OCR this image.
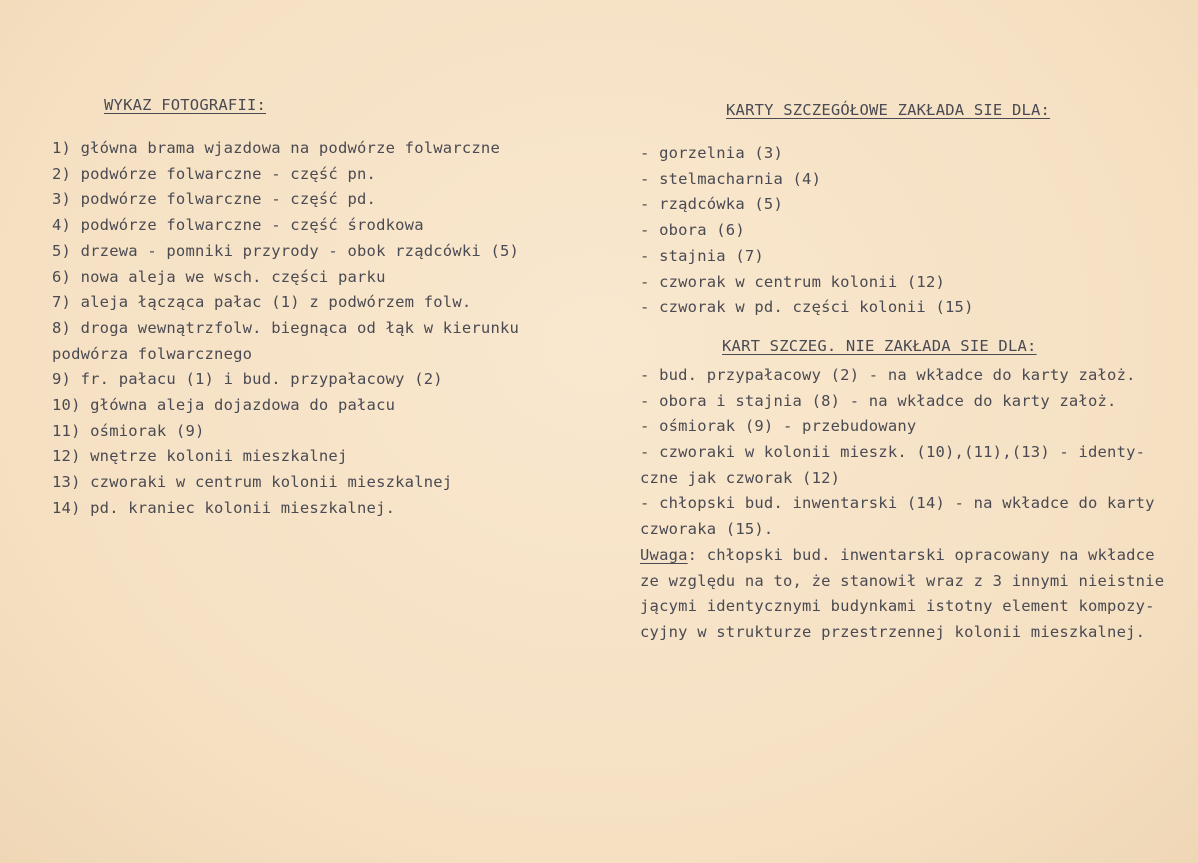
WYKAZ FOTOGRAFII:
1) główna brama wjazdowa na podwórze folwarczne
2) podwórze folwarczne - część pn.
3) podwórze folwarczne - część pd.
4) podwórze folwarczne - część środkowa
5) drzewa - pomniki przyrody - obok rządcówki (5)
6) nowa aleja we wsch. części parku
7) aleja łącząca pałac (1) z podwórzem folw.
8) droga wewnątrzfolw. biegnąca od łąk w kierunku
podwórza folwarcznego
9) fr. pałacu (1) i bud. przypałacowy (2)
10) główna aleja dojazdowa do pałacu
11) ośmiorak (9)
12) wnętrze kolonii mieszkalnej
13) czworaki w centrum kolonii mieszkalnej
14) pd. kraniec kolonii mieszkalnej.
KARTY SZCZEGÓŁOWE ZAKŁADA SIE DLA:
- gorzelnia (3)
- stelmacharnia (4)
- rządcówka (5)
- obora (6)
- stajnia (7)
- czworak w centrum kolonii (12)
- czworak w pd. części kolonii (15)
KART SZCZEG. NIE ZAKŁADA SIE DLA:
- bud. przypałacowy (2) - na wkładce do karty założ.
- obora i stajnia (8) - na wkładce do karty założ.
- ośmiorak (9) - przebudowany
- czworaki w kolonii mieszk. (10),(11),(13) - identy-
czne jak czworak (12)
- chłopski bud. inwentarski (14) - na wkładce do karty
czworaka (15).
Uwaga: chłopski bud. inwentarski opracowany na wkładce
ze względu na to, że stanowił wraz z 3 innymi nieistnie
jącymi identycznymi budynkami istotny element kompozy-
cyjny w strukturze przestrzennej kolonii mieszkalnej.
